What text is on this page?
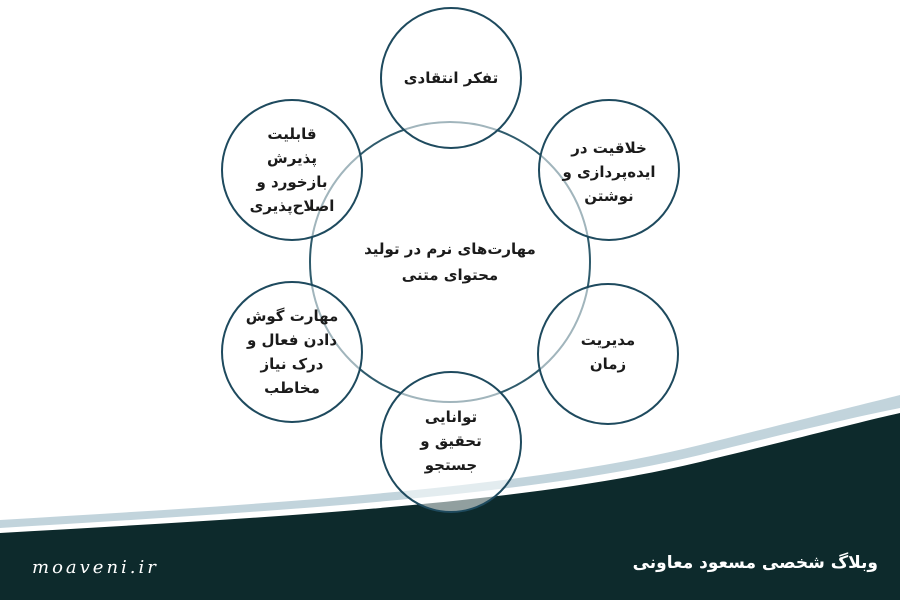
مهارت‌های نرم در تولید
محتوای متنی
تفکر انتقادی
خلاقیت در
ایده‌پردازی و
نوشتن
مدیریت
زمان
توانایی
تحقیق و
جستجو
مهارت گوش
دادن فعال و
درک نیاز
مخاطب
قابلیت
پذیرش
بازخورد و
اصلاح‌پذیری
وبلاگ شخصی مسعود معاونی
moaveni.ir
